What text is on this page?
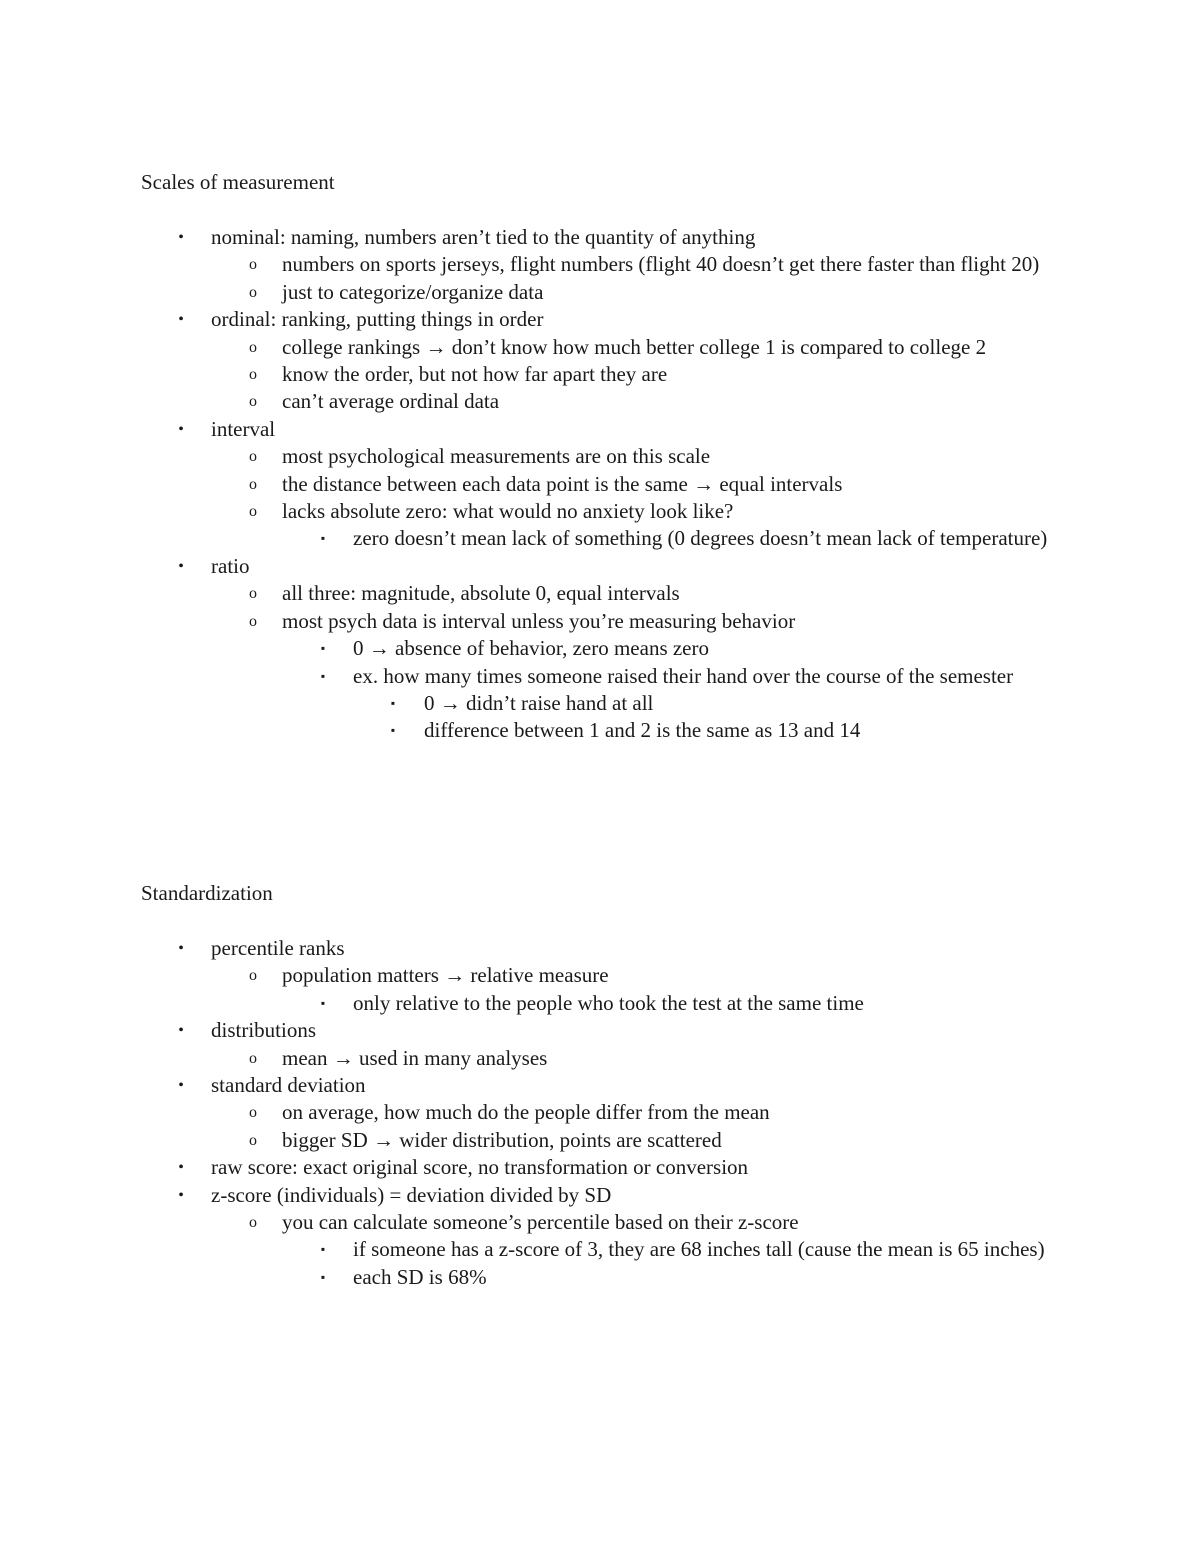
Scales of measurement
•	nominal: naming, numbers aren’t tied to the quantity of anything
o	numbers on sports jerseys, flight numbers (flight 40 doesn’t get there faster than flight 20)
o	just to categorize/organize data
•	ordinal: ranking, putting things in order
o	college rankings → don’t know how much better college 1 is compared to college 2
o	know the order, but not how far apart they are
o	can’t average ordinal data
•	interval
o	most psychological measurements are on this scale
o	the distance between each data point is the same → equal intervals
o	lacks absolute zero: what would no anxiety look like?
▪	zero doesn’t mean lack of something (0 degrees doesn’t mean lack of temperature)
•	ratio
o	all three: magnitude, absolute 0, equal intervals
o	most psych data is interval unless you’re measuring behavior
▪	0 → absence of behavior, zero means zero
▪	ex. how many times someone raised their hand over the course of the semester
▪	0 → didn’t raise hand at all
▪	difference between 1 and 2 is the same as 13 and 14
Standardization
•	percentile ranks
o	population matters → relative measure
▪	only relative to the people who took the test at the same time
•	distributions
o	mean → used in many analyses
•	standard deviation
o	on average, how much do the people differ from the mean
o	bigger SD → wider distribution, points are scattered
•	raw score: exact original score, no transformation or conversion
•	z-score (individuals) = deviation divided by SD
o	you can calculate someone’s percentile based on their z-score
▪	if someone has a z-score of 3, they are 68 inches tall (cause the mean is 65 inches)
▪	each SD is 68%
